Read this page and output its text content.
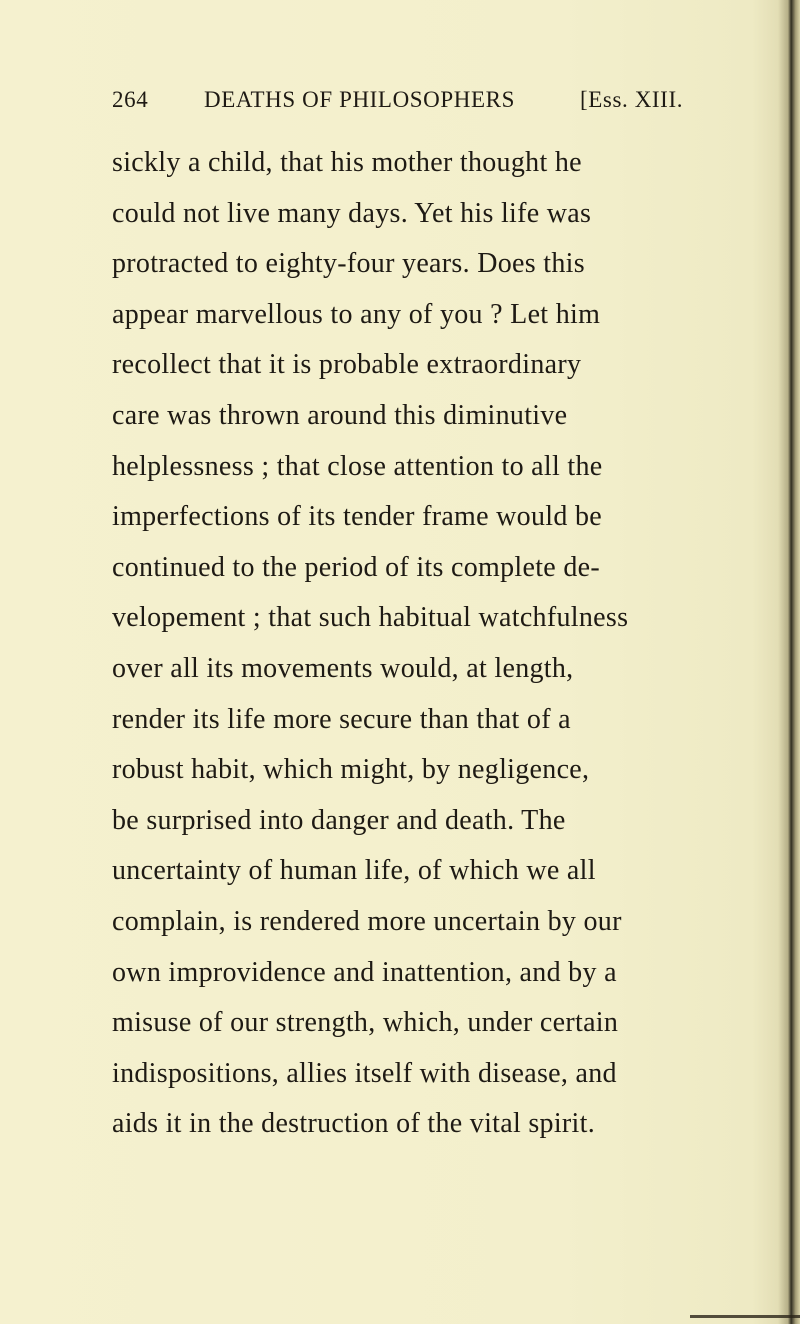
264 DEATHS OF PHILOSOPHERS	[Ess. XIII.
sickly a child, that his mother thought he
could not live many days. Yet his life was
protracted to eighty-four years. Does this
appear marvellous to any of you ? Let him
recollect that it is probable extraordinary
care was thrown around this diminutive
helplessness ; that close attention to all the
imperfections of its tender frame would be
continued to the period of its complete de-
velopement ; that such habitual watchfulness
over all its movements would, at length,
render its life more secure than that of a
robust habit, which might, by negligence,
be surprised into danger and death. The
uncertainty of human life, of which we all
complain, is rendered more uncertain by our
own improvidence and inattention, and by a
misuse of our strength, which, under certain
indispositions, allies itself with disease, and
aids it in the destruction of the vital spirit.
